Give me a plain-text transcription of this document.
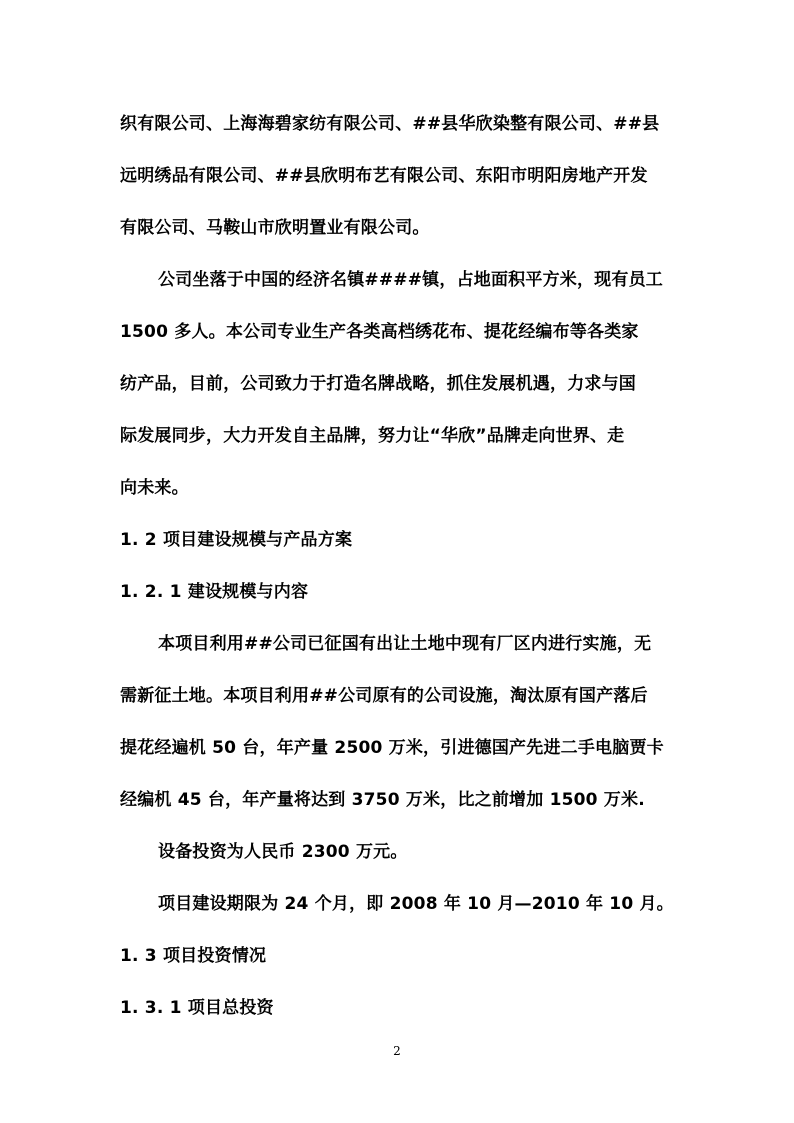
织有限公司、上海海碧家纺有限公司、##县华欣染整有限公司、##县
远明绣品有限公司、##县欣明布艺有限公司、东阳市明阳房地产开发
有限公司、马鞍山市欣明置业有限公司。
公司坐落于中国的经济名镇####镇，占地面积平方米，现有员工
1500 多人。本公司专业生产各类高档绣花布、提花经编布等各类家
纺产品，目前，公司致力于打造名牌战略，抓住发展机遇，力求与国
际发展同步，大力开发自主品牌，努力让“华欣”品牌走向世界、走
向未来。
1. 2 项目建设规模与产品方案
1. 2. 1 建设规模与内容
本项目利用##公司已征国有出让土地中现有厂区内进行实施，无
需新征土地。本项目利用##公司原有的公司设施，淘汰原有国产落后
提花经遍机 50 台，年产量 2500 万米，引进德国产先进二手电脑贾卡
经编机 45 台，年产量将达到 3750 万米，比之前增加 1500 万米.
设备投资为人民币 2300 万元。
项目建设期限为 24 个月，即 2008 年 10 月—2010 年 10 月。
1. 3 项目投资情况
1. 3. 1 项目总投资
2
